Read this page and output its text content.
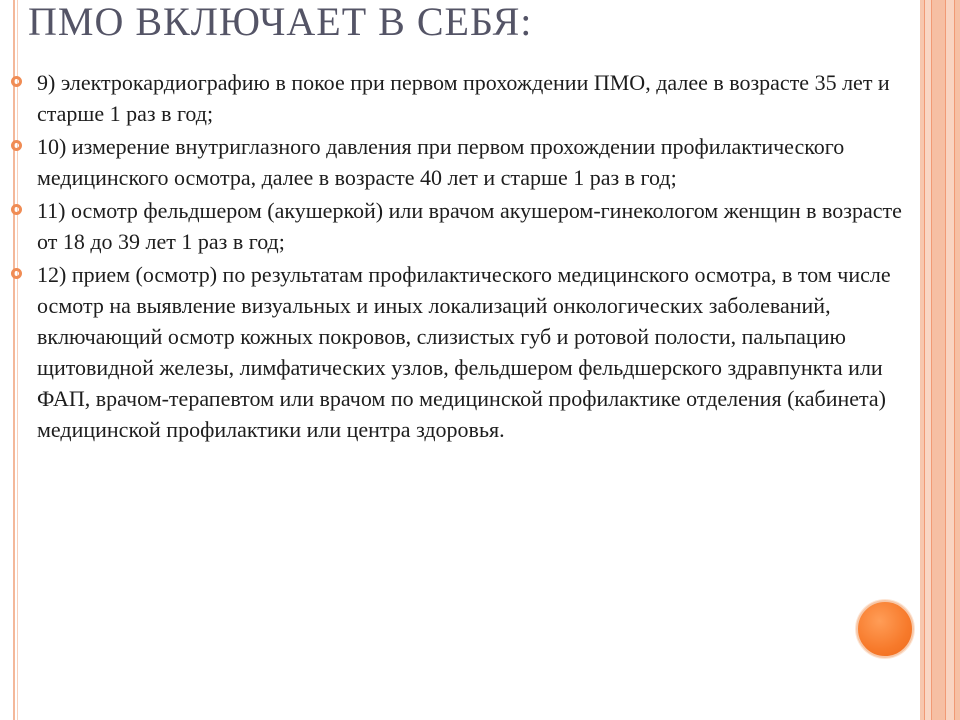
ПМО ВКЛЮЧАЕТ В СЕБЯ:
9) электрокардиографию в покое при первом прохождении ПМО, далее в возрасте 35 лет и старше 1 раз в год;
10) измерение внутриглазного давления при первом прохождении профилактического медицинского осмотра, далее в возрасте 40 лет и старше 1 раз в год;
11) осмотр фельдшером (акушеркой) или врачом акушером-гинекологом женщин в возрасте от 18 до 39 лет 1 раз в год;
12) прием (осмотр) по результатам профилактического медицинского осмотра, в том числе осмотр на выявление визуальных и иных локализаций онкологических заболеваний, включающий осмотр кожных покровов, слизистых губ и ротовой полости, пальпацию щитовидной железы, лимфатических узлов, фельдшером фельдшерского здравпункта или ФАП, врачом-терапевтом или врачом по медицинской профилактике отделения (кабинета) медицинской профилактики или центра здоровья.
